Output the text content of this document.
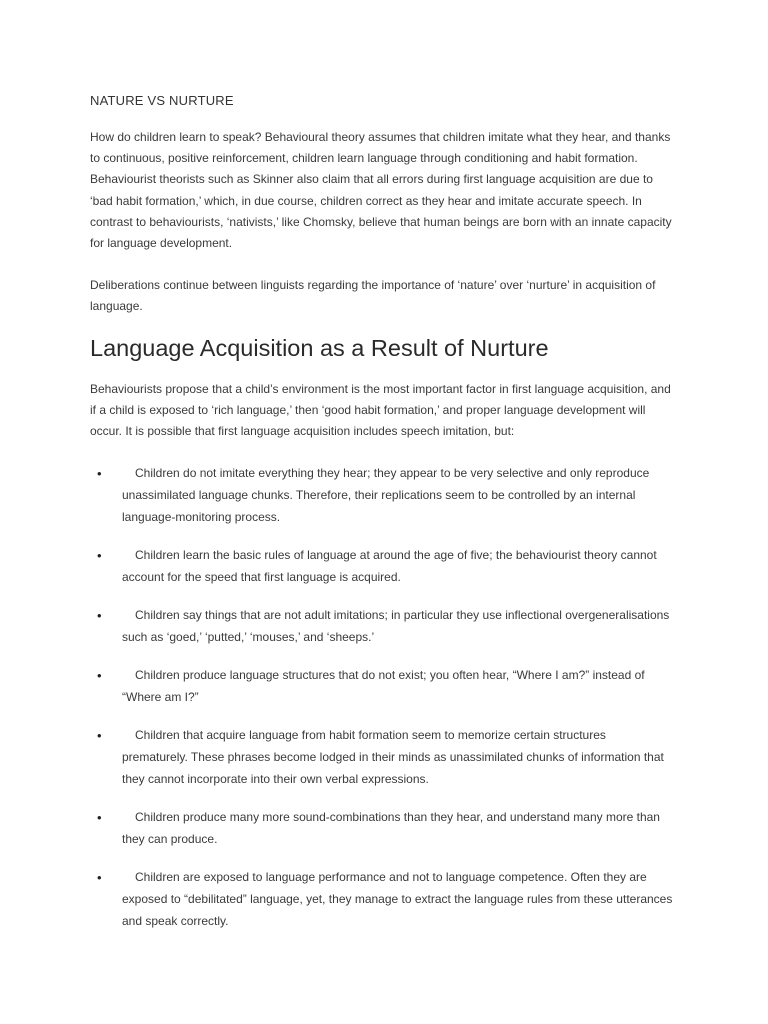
NATURE VS NURTURE

How do children learn to speak? Behavioural theory assumes that children imitate what they hear, and thanks to continuous, positive reinforcement, children learn language through conditioning and habit formation. Behaviourist theorists such as Skinner also claim that all errors during first language acquisition are due to ‘bad habit formation,’ which, in due course, children correct as they hear and imitate accurate speech. In contrast to behaviourists, ‘nativists,’ like Chomsky, believe that human beings are born with an innate capacity for language development.

Deliberations continue between linguists regarding the importance of ‘nature’ over ‘nurture’ in acquisition of language.

Language Acquisition as a Result of Nurture

Behaviourists propose that a child’s environment is the most important factor in first language acquisition, and if a child is exposed to ‘rich language,’ then ‘good habit formation,’ and proper language development will occur. It is possible that first language acquisition includes speech imitation, but:

•	Children do not imitate everything they hear; they appear to be very selective and only reproduce unassimilated language chunks. Therefore, their replications seem to be controlled by an internal language-monitoring process.

•	Children learn the basic rules of language at around the age of five; the behaviourist theory cannot account for the speed that first language is acquired.

•	Children say things that are not adult imitations; in particular they use inflectional overgeneralisations such as ‘goed,’ ‘putted,’ ‘mouses,’ and ‘sheeps.’

•	Children produce language structures that do not exist; you often hear, “Where I am?” instead of “Where am I?”

•	Children that acquire language from habit formation seem to memorize certain structures prematurely. These phrases become lodged in their minds as unassimilated chunks of information that they cannot incorporate into their own verbal expressions.

•	Children produce many more sound-combinations than they hear, and understand many more than they can produce.

•	Children are exposed to language performance and not to language competence. Often they are exposed to “debilitated” language, yet, they manage to extract the language rules from these utterances and speak correctly.
